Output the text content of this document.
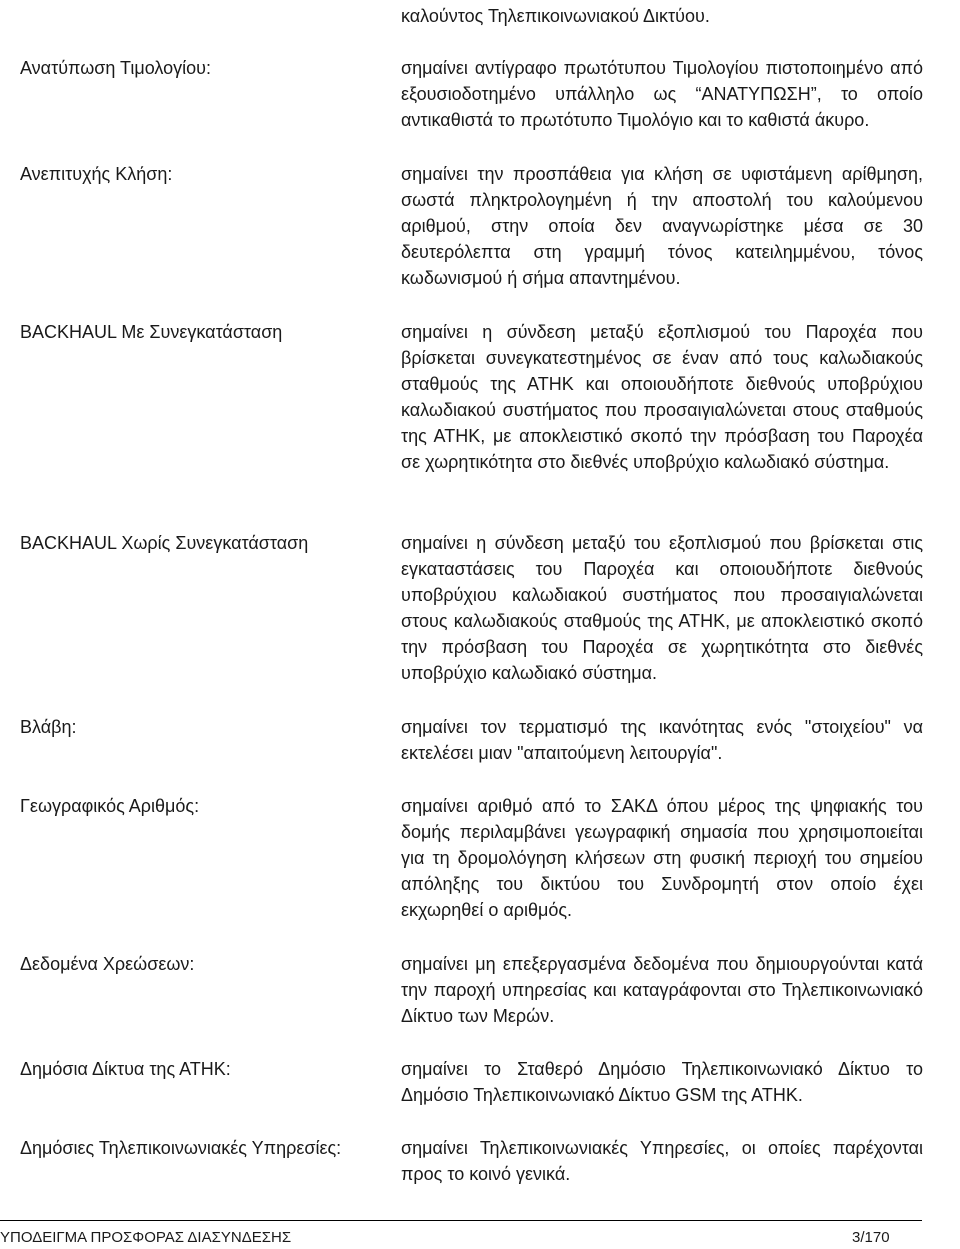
καλούντος Τηλεπικοινωνιακού Δικτύου.
Ανατύπωση Τιμολογίου:	σημαίνει αντίγραφο πρωτότυπου Τιμολογίου πιστοποιημένο από εξουσιοδοτημένο υπάλληλο ως “ΑΝΑΤΥΠΩΣΗ”, το οποίο αντικαθιστά το πρωτότυπο Τιμολόγιο και το καθιστά άκυρο.
Ανεπιτυχής Κλήση:	σημαίνει την προσπάθεια για κλήση σε υφιστάμενη αρίθμηση, σωστά πληκτρολογημένη ή την αποστολή του καλούμενου αριθμού, στην οποία δεν αναγνωρίστηκε μέσα σε 30 δευτερόλεπτα στη γραμμή τόνος κατειλημμένου, τόνος κωδωνισμού ή σήμα απαντημένου.
BACKHAUL Με Συνεγκατάσταση	σημαίνει η σύνδεση μεταξύ εξοπλισμού του Παροχέα που βρίσκεται συνεγκατεστημένος σε έναν από τους καλωδιακούς σταθμούς της ΑΤΗΚ και οποιουδήποτε διεθνούς υποβρύχιου καλωδιακού συστήματος που προσαιγιαλώνεται στους σταθμούς της ΑΤΗΚ, με αποκλειστικό σκοπό την πρόσβαση του Παροχέα σε χωρητικότητα στο διεθνές υποβρύχιο καλωδιακό σύστημα.
BACKHAUL Χωρίς Συνεγκατάσταση	σημαίνει η σύνδεση μεταξύ του εξοπλισμού που βρίσκεται στις εγκαταστάσεις του Παροχέα και οποιουδήποτε διεθνούς υποβρύχιου καλωδιακού συστήματος που προσαιγιαλώνεται στους καλωδιακούς σταθμούς της ΑΤΗΚ, με αποκλειστικό σκοπό την πρόσβαση του Παροχέα σε χωρητικότητα στο διεθνές υποβρύχιο καλωδιακό σύστημα.
Βλάβη:	σημαίνει τον τερματισμό της ικανότητας ενός "στοιχείου" να εκτελέσει μιαν "απαιτούμενη λειτουργία".
Γεωγραφικός Αριθμός:	σημαίνει αριθμό από το ΣΑΚΔ όπου μέρος της ψηφιακής του δομής περιλαμβάνει γεωγραφική σημασία που χρησιμοποιείται για τη δρομολόγηση κλήσεων στη φυσική περιοχή του σημείου απόληξης του δικτύου του Συνδρομητή στον οποίο έχει εκχωρηθεί ο αριθμός.
Δεδομένα Χρεώσεων:	σημαίνει μη επεξεργασμένα δεδομένα που δημιουργούνται κατά την παροχή υπηρεσίας και καταγράφονται στο Τηλεπικοινωνιακό Δίκτυο των Μερών.
Δημόσια Δίκτυα της ΑΤΗΚ:	σημαίνει το Σταθερό Δημόσιο Τηλεπικοινωνιακό Δίκτυο το Δημόσιο Τηλεπικοινωνιακό Δίκτυο GSM της ΑΤΗΚ.
Δημόσιες Τηλεπικοινωνιακές Υπηρεσίες:	σημαίνει Τηλεπικοινωνιακές Υπηρεσίες, οι οποίες παρέχονται προς το κοινό γενικά.
ΥΠΟΔΕΙΓΜΑ ΠΡΟΣΦΟΡΑΣ ΔΙΑΣΥΝΔΕΣΗΣ	3/170
